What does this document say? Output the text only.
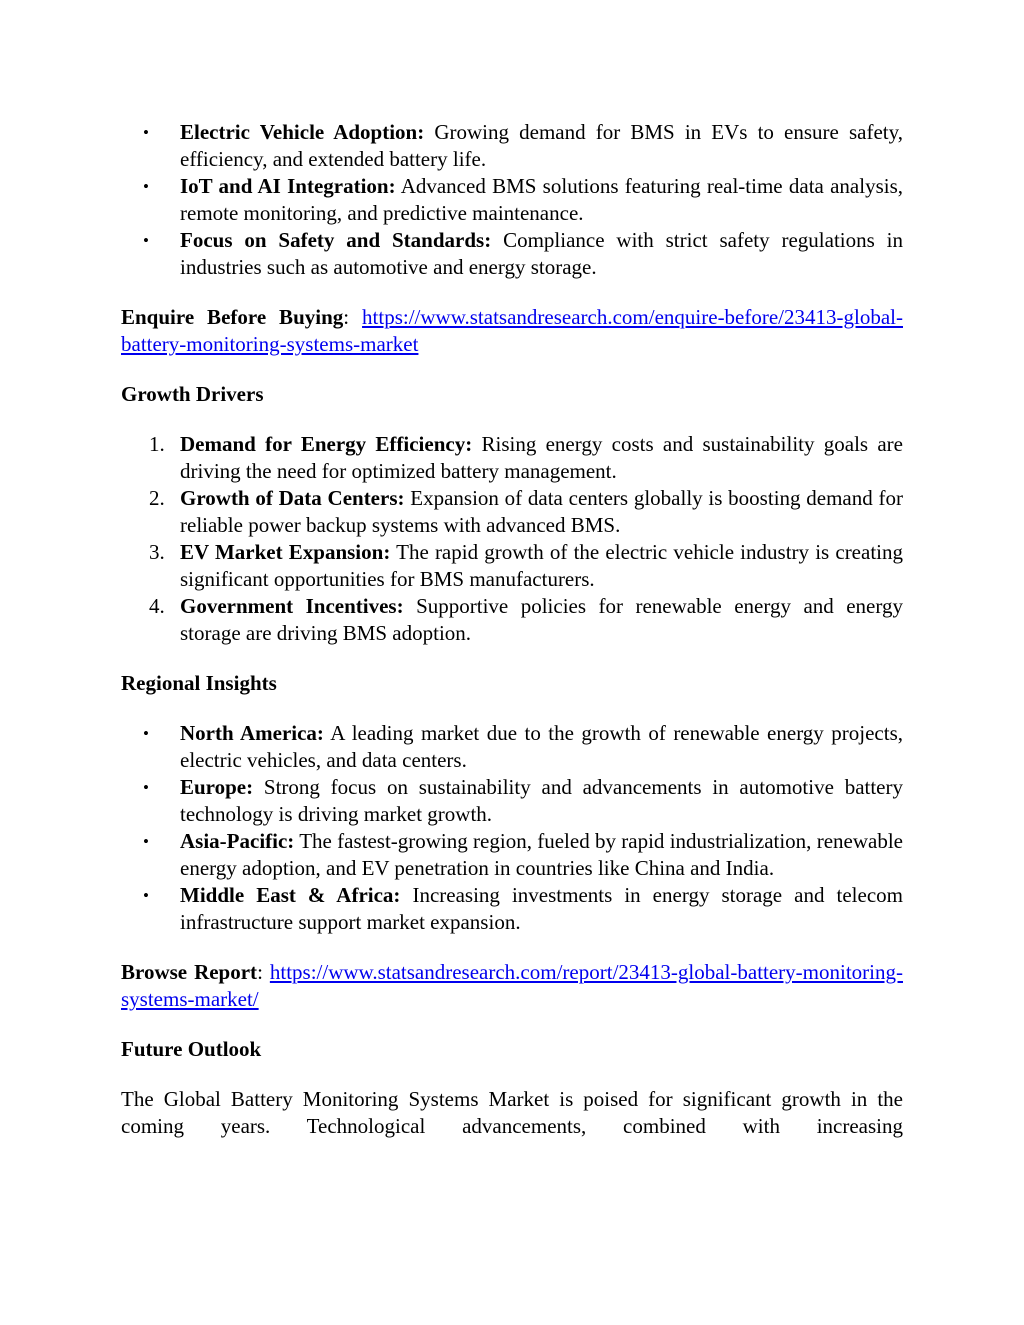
• Electric Vehicle Adoption: Growing demand for BMS in EVs to ensure safety, efficiency, and extended battery life.
• IoT and AI Integration: Advanced BMS solutions featuring real-time data analysis, remote monitoring, and predictive maintenance.
• Focus on Safety and Standards: Compliance with strict safety regulations in industries such as automotive and energy storage.

Enquire Before Buying: https://www.statsandresearch.com/enquire-before/23413-global-battery-monitoring-systems-market

Growth Drivers

1. Demand for Energy Efficiency: Rising energy costs and sustainability goals are driving the need for optimized battery management.
2. Growth of Data Centers: Expansion of data centers globally is boosting demand for reliable power backup systems with advanced BMS.
3. EV Market Expansion: The rapid growth of the electric vehicle industry is creating significant opportunities for BMS manufacturers.
4. Government Incentives: Supportive policies for renewable energy and energy storage are driving BMS adoption.

Regional Insights

• North America: A leading market due to the growth of renewable energy projects, electric vehicles, and data centers.
• Europe: Strong focus on sustainability and advancements in automotive battery technology is driving market growth.
• Asia-Pacific: The fastest-growing region, fueled by rapid industrialization, renewable energy adoption, and EV penetration in countries like China and India.
• Middle East & Africa: Increasing investments in energy storage and telecom infrastructure support market expansion.

Browse Report: https://www.statsandresearch.com/report/23413-global-battery-monitoring-systems-market/

Future Outlook

The Global Battery Monitoring Systems Market is poised for significant growth in the coming years. Technological advancements, combined with increasing
